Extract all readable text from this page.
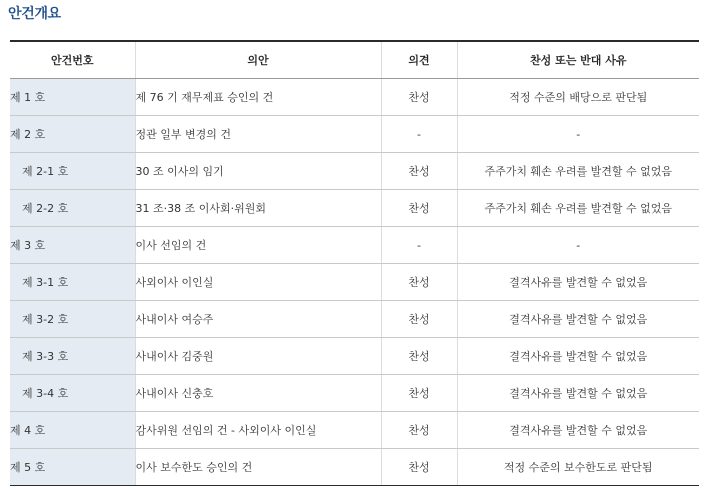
안건개요
안건번호	의안	의견	찬성 또는 반대 사유
제 1 호	제 76 기 재무제표 승인의 건	찬성	적정 수준의 배당으로 판단됨
제 2 호	정관 일부 변경의 건	-	-
제 2-1 호	30 조 이사의 임기	찬성	주주가치 훼손 우려를 발견할 수 없었음
제 2-2 호	31 조·38 조 이사회·위원회	찬성	주주가치 훼손 우려를 발견할 수 없었음
제 3 호	이사 선임의 건	-	-
제 3-1 호	사외이사 이인실	찬성	결격사유를 발견할 수 없었음
제 3-2 호	사내이사 여승주	찬성	결격사유를 발견할 수 없었음
제 3-3 호	사내이사 김중원	찬성	결격사유를 발견할 수 없었음
제 3-4 호	사내이사 신충호	찬성	결격사유를 발견할 수 없었음
제 4 호	감사위원 선임의 건 - 사외이사 이인실	찬성	결격사유를 발견할 수 없었음
제 5 호	이사 보수한도 승인의 건	찬성	적정 수준의 보수한도로 판단됨
